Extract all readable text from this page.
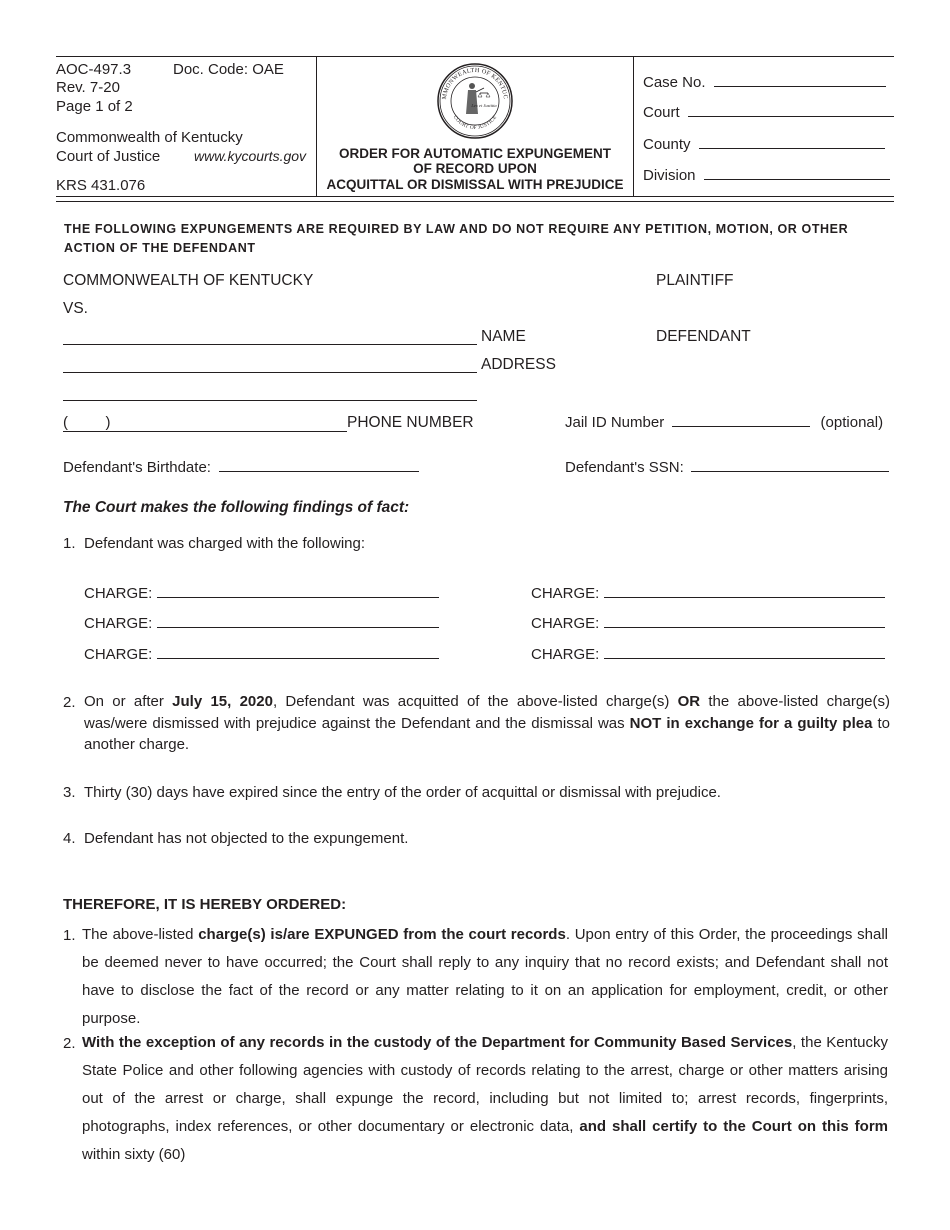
AOC-497.3	Doc. Code: OAE
Rev. 7-20
Page 1 of 2
Commonwealth of Kentucky
Court of Justice www.kycourts.gov
KRS 431.076
MMONWEALTH OF KENTUC
COURT OF JUSTICE
Lex et Justitia
ORDER FOR AUTOMATIC EXPUNGEMENT
OF RECORD UPON
ACQUITTAL OR DISMISSAL WITH PREJUDICE
Case No.
Court
County
Division
THE FOLLOWING EXPUNGEMENTS ARE REQUIRED BY LAW AND DO NOT REQUIRE ANY PETITION, MOTION, OR OTHER ACTION OF THE DEFENDANT
COMMONWEALTH OF KENTUCKY	PLAINTIFF
VS.
NAME	DEFENDANT
ADDRESS
(         )	PHONE NUMBER	Jail ID Number	(optional)
Defendant's Birthdate:	Defendant's SSN:
The Court makes the following findings of fact:
1. Defendant was charged with the following:
CHARGE:
CHARGE:
CHARGE:
CHARGE:
CHARGE:
CHARGE:
2. On or after July 15, 2020, Defendant was acquitted of the above-listed charge(s) OR the above-listed charge(s) was/were dismissed with prejudice against the Defendant and the dismissal was NOT in exchange for a guilty plea to another charge.
3. Thirty (30) days have expired since the entry of the order of acquittal or dismissal with prejudice.
4. Defendant has not objected to the expungement.
THEREFORE, IT IS HEREBY ORDERED:
1. The above-listed charge(s) is/are EXPUNGED from the court records. Upon entry of this Order, the proceedings shall be deemed never to have occurred; the Court shall reply to any inquiry that no record exists; and Defendant shall not have to disclose the fact of the record or any matter relating to it on an application for employment, credit, or other purpose.
2. With the exception of any records in the custody of the Department for Community Based Services, the Kentucky State Police and other following agencies with custody of records relating to the arrest, charge or other matters arising out of the arrest or charge, shall expunge the record, including but not limited to; arrest records, fingerprints, photographs, index references, or other documentary or electronic data, and shall certify to the Court on this form within sixty (60)
